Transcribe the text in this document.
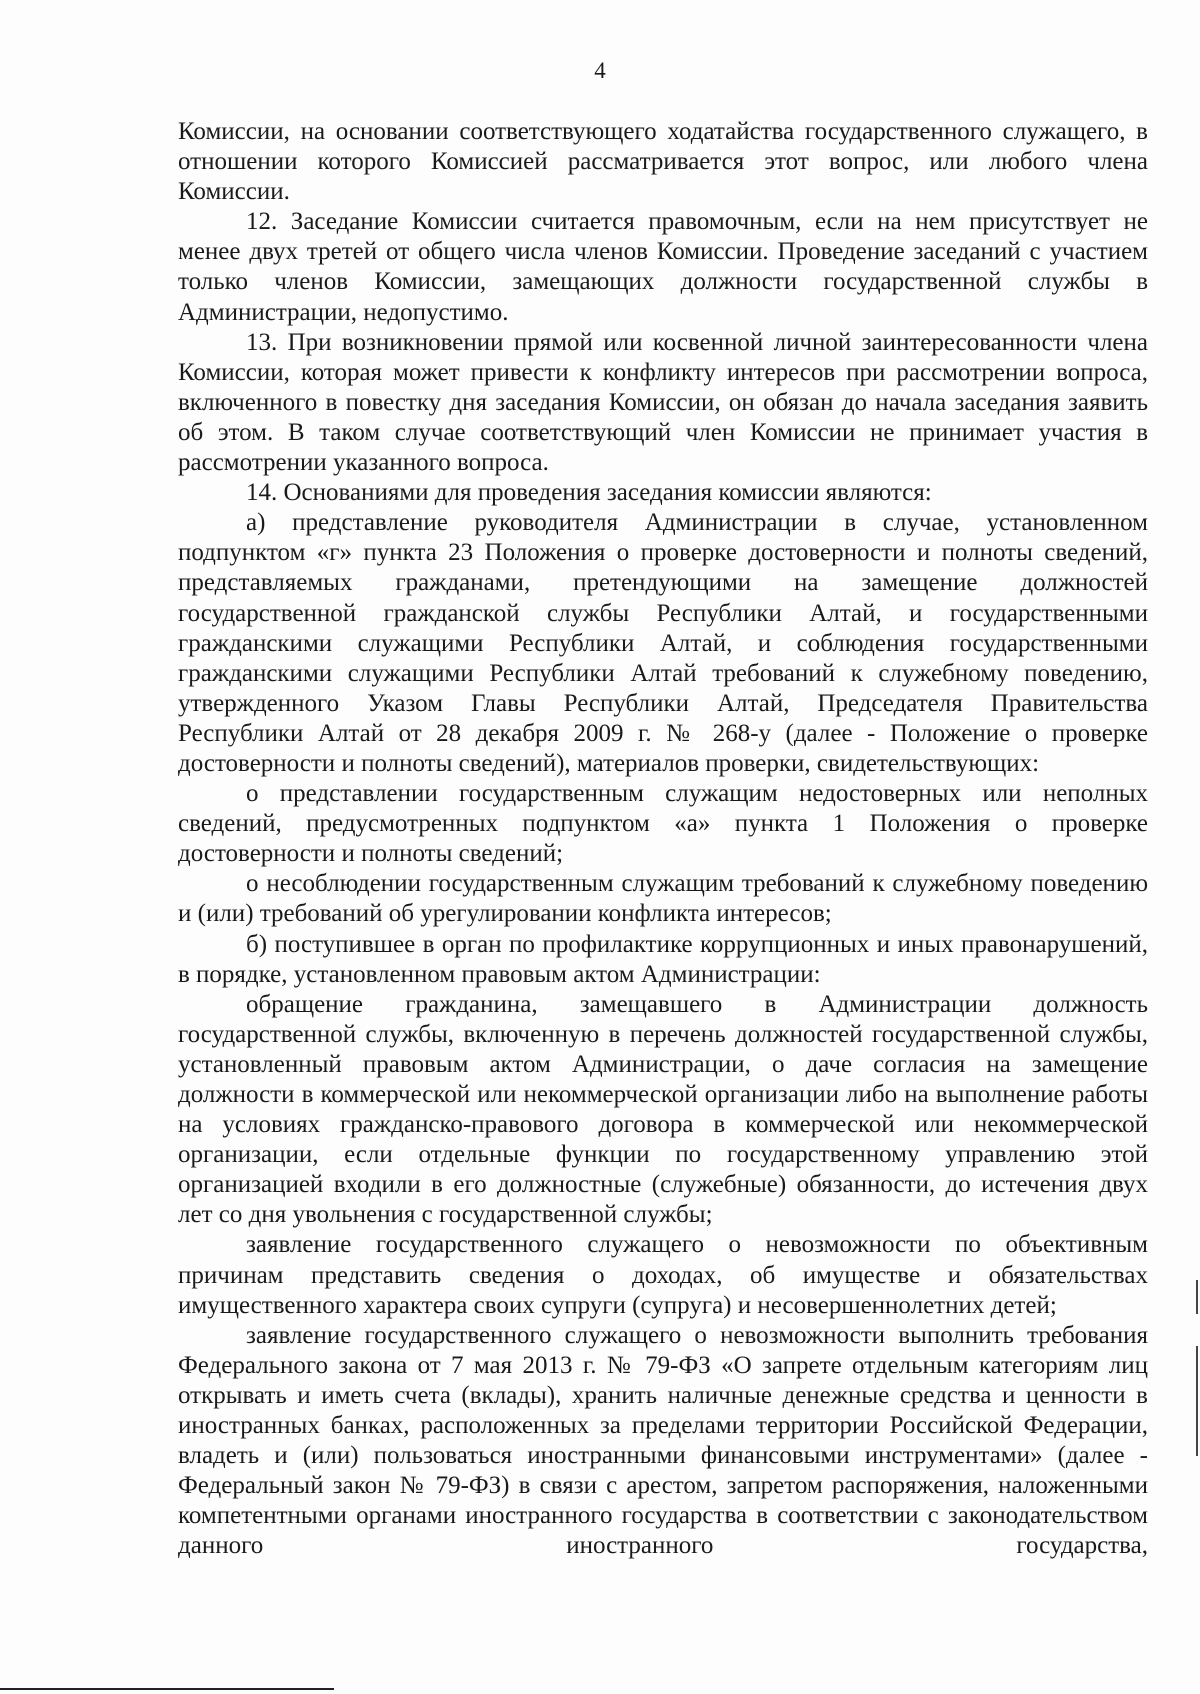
4

Комиссии, на основании соответствующего ходатайства государственного служащего, в отношении которого Комиссией рассматривается этот вопрос, или любого члена Комиссии.

12. Заседание Комиссии считается правомочным, если на нем присутствует не менее двух третей от общего числа членов Комиссии. Проведение заседаний с участием только членов Комиссии, замещающих должности государственной службы в Администрации, недопустимо.

13. При возникновении прямой или косвенной личной заинтересованности члена Комиссии, которая может привести к конфликту интересов при рассмотрении вопроса, включенного в повестку дня заседания Комиссии, он обязан до начала заседания заявить об этом. В таком случае соответствующий член Комиссии не принимает участия в рассмотрении указанного вопроса.

14. Основаниями для проведения заседания комиссии являются:

а) представление руководителя Администрации в случае, установленном подпунктом «г» пункта 23 Положения о проверке достоверности и полноты сведений, представляемых гражданами, претендующими на замещение должностей государственной гражданской службы Республики Алтай, и государственными гражданскими служащими Республики Алтай, и соблюдения государственными гражданскими служащими Республики Алтай требований к служебному поведению, утвержденного Указом Главы Республики Алтай, Председателя Правительства Республики Алтай от 28 декабря 2009 г. № 268-у (далее - Положение о проверке достоверности и полноты сведений), материалов проверки, свидетельствующих:

о представлении государственным служащим недостоверных или неполных сведений, предусмотренных подпунктом «а» пункта 1 Положения о проверке достоверности и полноты сведений;

о несоблюдении государственным служащим требований к служебному поведению и (или) требований об урегулировании конфликта интересов;

б) поступившее в орган по профилактике коррупционных и иных правонарушений, в порядке, установленном правовым актом Администрации:

обращение гражданина, замещавшего в Администрации должность государственной службы, включенную в перечень должностей государственной службы, установленный правовым актом Администрации, о даче согласия на замещение должности в коммерческой или некоммерческой организации либо на выполнение работы на условиях гражданско-правового договора в коммерческой или некоммерческой организации, если отдельные функции по государственному управлению этой организацией входили в его должностные (служебные) обязанности, до истечения двух лет со дня увольнения с государственной службы;

заявление государственного служащего о невозможности по объективным причинам представить сведения о доходах, об имуществе и обязательствах имущественного характера своих супруги (супруга) и несовершеннолетних детей;

заявление государственного служащего о невозможности выполнить требования Федерального закона от 7 мая 2013 г. № 79-ФЗ «О запрете отдельным категориям лиц открывать и иметь счета (вклады), хранить наличные денежные средства и ценности в иностранных банках, расположенных за пределами территории Российской Федерации, владеть и (или) пользоваться иностранными финансовыми инструментами» (далее - Федеральный закон № 79-ФЗ) в связи с арестом, запретом распоряжения, наложенными компетентными органами иностранного государства в соответствии с законодательством данного иностранного государства,
